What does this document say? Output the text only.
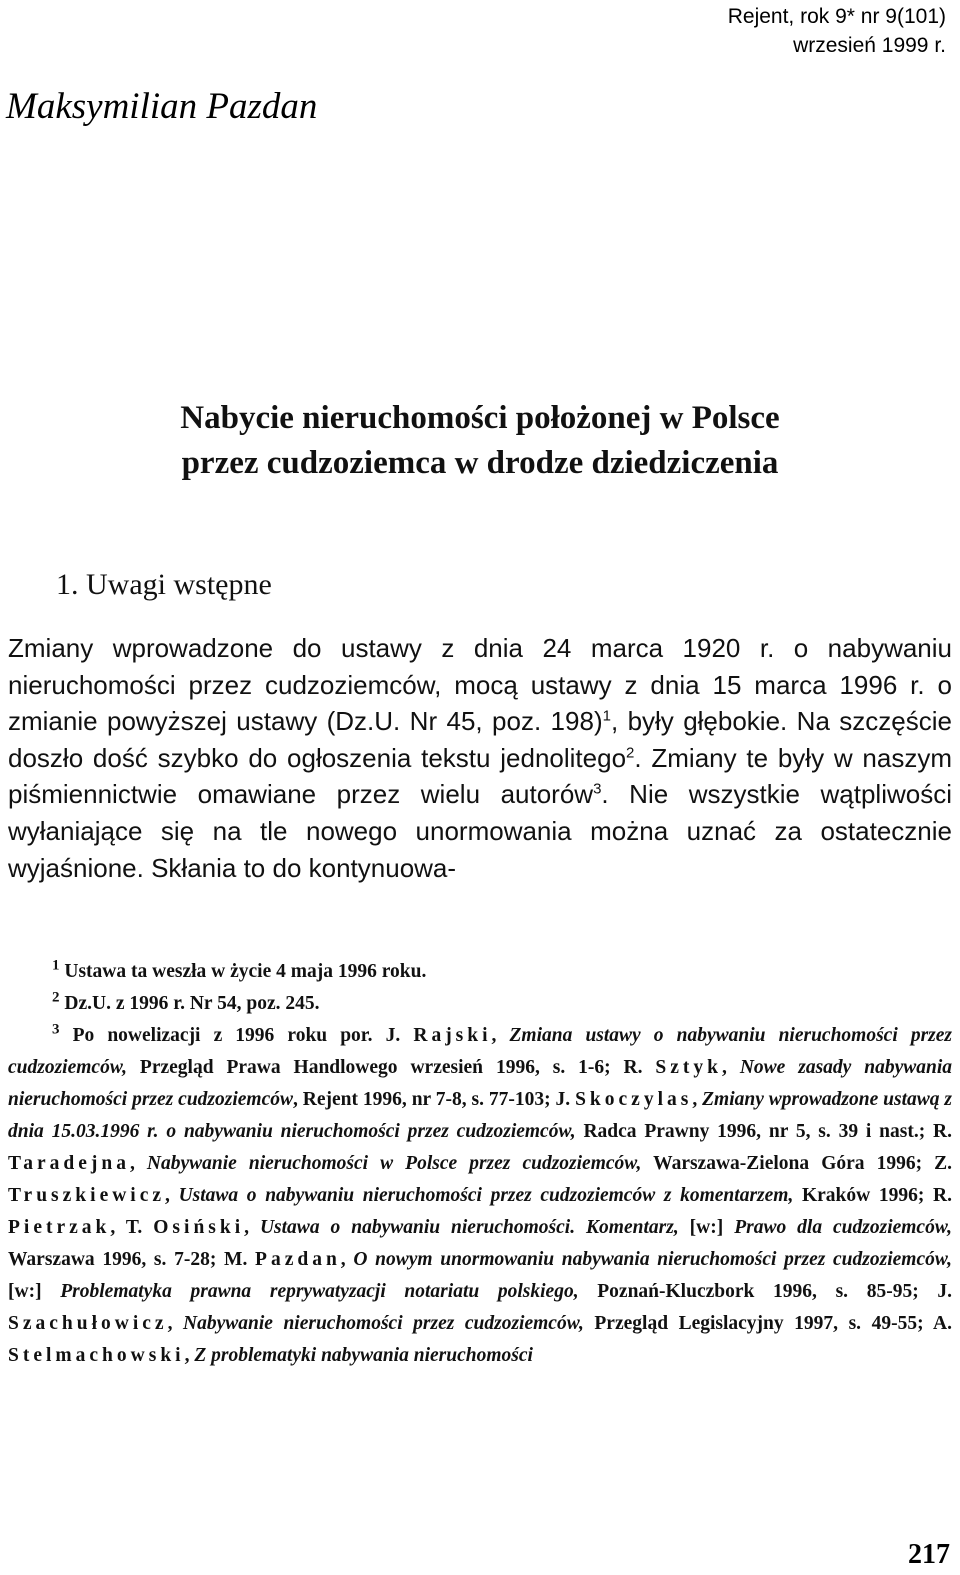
Rejent, rok 9* nr 9(101)
wrzesień 1999 r.
Maksymilian Pazdan
Nabycie nieruchomości położonej w Polsce
przez cudzoziemca w drodze dziedziczenia
1. Uwagi wstępne
Zmiany wprowadzone do ustawy z dnia 24 marca 1920 r. o nabywaniu nieruchomości przez cudzoziemców, mocą ustawy z dnia 15 marca 1996 r. o zmianie powyższej ustawy (Dz.U. Nr 45, poz. 198)$^1$, były głębokie. Na szczęście doszło dość szybko do ogłoszenia tekstu jednolitego$^2$. Zmiany te były w naszym piśmiennictwie omawiane przez wielu autorów$^3$. Nie wszystkie wątpliwości wyłaniające się na tle nowego unormowania można uznać za ostatecznie wyjaśnione. Skłania to do kontynuowa-

$^1$ Ustawa ta weszła w życie 4 maja 1996 roku.

$^2$ Dz.U. z 1996 r. Nr 54, poz. 245.

$^3$ Po nowelizacji z 1996 roku por. J. Rajski, Zmiana ustawy o nabywaniu nieruchomości przez cudzoziemców, Przegląd Prawa Handlowego wrzesień 1996, s. 1-6; R. Sztyk, Nowe zasady nabywania nieruchomości przez cudzoziemców, Rejent 1996, nr 7-8, s. 77-103; J. Skoczylas, Zmiany wprowadzone ustawą z dnia 15.03.1996 r. o nabywaniu nieruchomości przez cudzoziemców, Radca Prawny 1996, nr 5, s. 39 i nast.; R. Taradejna, Nabywanie nieruchomości w Polsce przez cudzoziemców, Warszawa-Zielona Góra 1996; Z. Truszkiewicz, Ustawa o nabywaniu nieruchomości przez cudzoziemców z komentarzem, Kraków 1996; R. Pietrzak, T. Osiński, Ustawa o nabywaniu nieruchomości. Komentarz, [w:] Prawo dla cudzoziemców, Warszawa 1996, s. 7-28; M. Pazdan, O nowym unormowaniu nabywania nieruchomości przez cudzoziemców, [w:] Problematyka prawna reprywatyzacji notariatu polskiego, Poznań-Kluczbork 1996, s. 85-95; J. Szachułowicz, Nabywanie nieruchomości przez cudzoziemców, Przegląd Legislacyjny 1997, s. 49-55; A. Stelmachowski, Z problematyki nabywania nieruchomości

217
